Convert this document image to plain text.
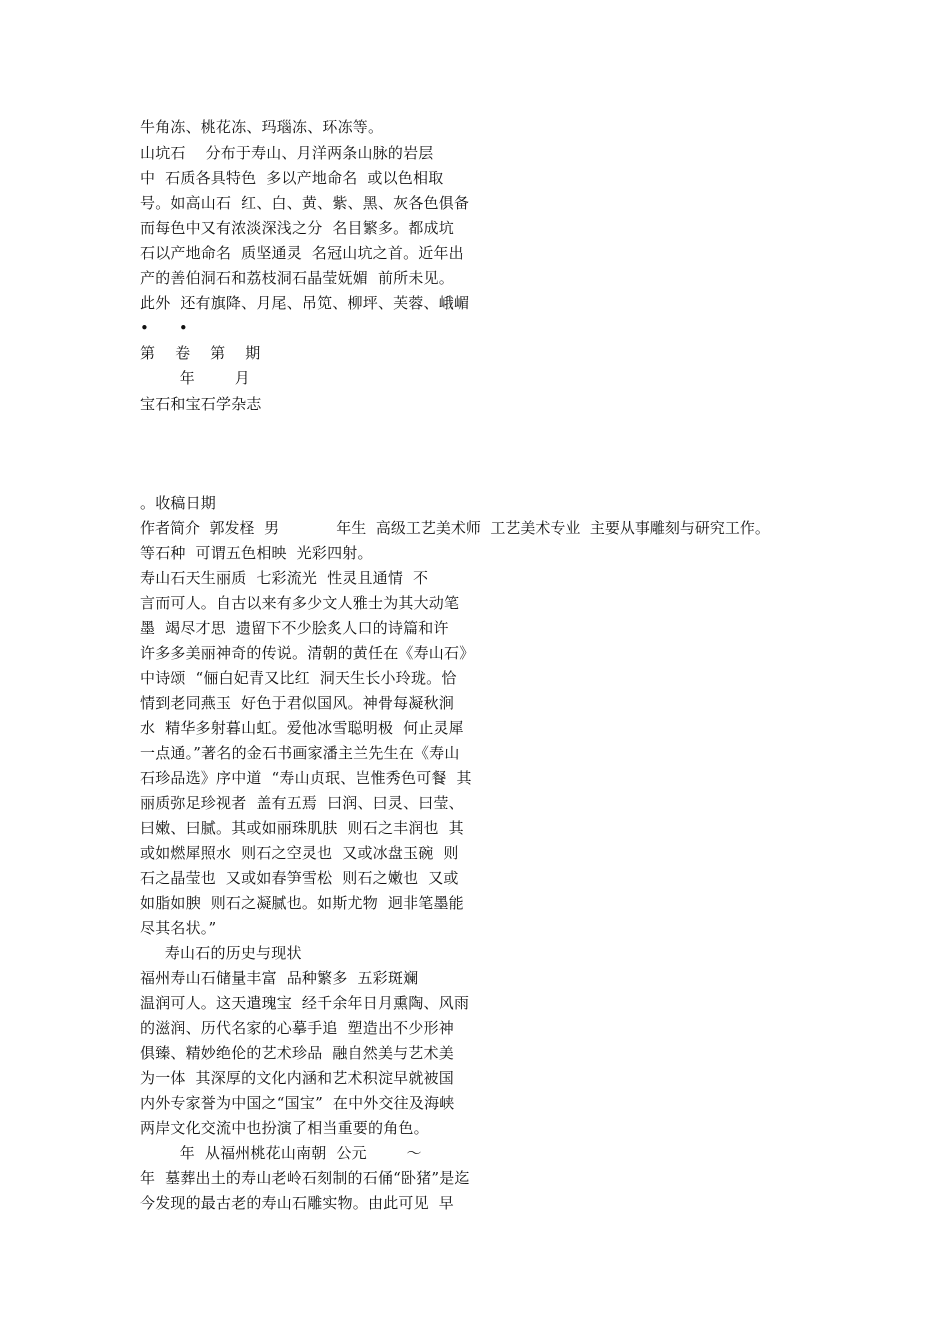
牛角冻、桃花冻、玛瑙冻、环冻等。
山坑石    分布于寿山、月洋两条山脉的岩层
中  石质各具特色  多以产地命名  或以色相取
号。如高山石  红、白、黄、紫、黑、灰各色俱备
而每色中又有浓淡深浅之分  名目繁多。都成坑
石以产地命名  质坚通灵  名冠山坑之首。近年出
产的善伯洞石和荔枝洞石晶莹妩媚  前所未见。
此外  还有旗降、月尾、吊笕、柳坪、芙蓉、峨嵋
•      •
第    卷    第    期
年        月
宝石和宝石学杂志
。收稿日期
作者简介  郭发柽  男            年生  高级工艺美术师  工艺美术专业  主要从事雕刻与研究工作。
等石种  可谓五色相映  光彩四射。
寿山石天生丽质  七彩流光  性灵且通情  不
言而可人。自古以来有多少文人雅士为其大动笔
墨  竭尽才思  遗留下不少脍炙人口的诗篇和许
许多多美丽神奇的传说。清朝的黄任在《寿山石》
中诗颂  “俪白妃青又比红  洞天生长小玲珑。恰
情到老同燕玉  好色于君似国风。神骨每凝秋涧
水  精华多射暮山虹。爱他冰雪聪明极  何止灵犀
一点通。”著名的金石书画家潘主兰先生在《寿山
石珍品选》序中道  “寿山贞珉、岂惟秀色可餐  其
丽质弥足珍视者  盖有五焉  曰润、曰灵、曰莹、
曰嫩、曰腻。其或如丽珠肌肤  则石之丰润也  其
或如燃犀照水  则石之空灵也  又或冰盘玉碗  则
石之晶莹也  又或如春笋雪松  则石之嫩也  又或
如脂如腴  则石之凝腻也。如斯尤物  迥非笔墨能
尽其名状。”
寿山石的历史与现状
福州寿山石储量丰富  品种繁多  五彩斑斓
温润可人。这天遣瑰宝  经千余年日月熏陶、风雨
的滋润、历代名家的心摹手追  塑造出不少形神
俱臻、精妙绝伦的艺术珍品  融自然美与艺术美
为一体  其深厚的文化内涵和艺术积淀早就被国
内外专家誉为中国之“国宝”  在中外交往及海峡
两岸文化交流中也扮演了相当重要的角色。
年  从福州桃花山南朝  公元        ～
年  墓葬出土的寿山老岭石刻制的石俑“卧猪”是迄
今发现的最古老的寿山石雕实物。由此可见  早
